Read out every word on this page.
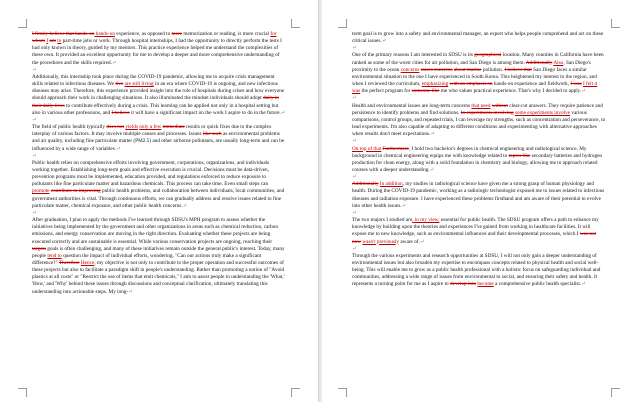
I firmly believe that hands-on hands-on experience, as opposed to mere memorization or reading, is more crucial for whom I am to part-time jobs or work. Through hospital internships, I had the opportunity to directly perform the tests I had only known in theory, guided by my mentors. This practice experience helped me understand the complexities of these own. It provided an excellent opportunity for me to develop a deeper and more comprehensive understanding of the procedures and the skills required.↵

↵

Additionally, this internship took place during the COVID-19 pandemic, allowing me to acquire crisis management skills related to infectious diseases. We live are still living in an era where COVID-19 is ongoing, and new infectious diseases may arise. Therefore, this experience provided insight into the role of hospitals during crises and how everyone should approach their work in challenging situations. It also illuminated the mindset individuals should adopt daily in their daily lives to contribute effectively during a crisis. This learning can be applied not only in a hospital setting but also in various other professions, and I believe it will have a significant impact on the work I aspire to do in the future.↵

↵

The field of public health typically does not yields only a few immediate results or quick fixes due to the complex interplay of various factors. It may involve multiple causes and processes. Issues like such as environmental problems and air quality, including fine particulate matter (PM2.5) and other airborne pollutants, are usually long-term and can be influenced by a wide range of variables.↵

↵

Public health relies on comprehensive efforts involving government, corporations, organizations, and individuals working together. Establishing long-term goals and effective execution is crucial. Decisions must be data-driven, prevention programs must be implemented, education provided, and regulations enforced to reduce exposure to pollutants like fine particulate matter and hazardous chemicals. This process can take time. Even small steps can promote contribute to improving public health problems, and collaboration between individuals, local communities, and government authorities is vital. Through continuous efforts, we can gradually address and resolve issues related to fine particulate matter, chemical exposure, and other public health concerns.↵

↵

After graduation, I plan to apply the methods I've learned through SDSU's MPH program to assess whether the initiatives being implemented by the government and other organizations in areas such as chemical reduction, carbon emissions, and energy conservation are moving in the right direction. Evaluating whether these projects are being executed correctly and are sustainable is essential. While various conservation projects are ongoing, reaching their targets goals is often challenging, and many of these initiatives remain outside the general public's interest. Today, many people tend to question the impact of individual efforts, wondering, "Can our actions truly make a significant difference?" Therefore Hence, my objective is not only to contribute to the proper operation and successful outcomes of these projects but also to facilitate a paradigm shift in people's understanding. Rather than promoting a notion of "Avoid plastics at all costs" or "Restrict the use of items that emit chemicals," I aim to assist people in understanding the 'What,' 'How,' and 'Why' behind these issues through discussions and conceptual clarification, ultimately translating this understanding into actionable steps. My long-↵

term goal is to grow into a safety and environmental manager, an expert who helps people comprehend and act on these critical issues.↵

↵

One of the primary reasons I am interested in SDSU is its geographical location. Many counties in California have been ranked as some of the worst cities for air pollution, and San Diego is among them. Additionally Also, San Diego's proximity to the ocean concerns raises concerns about marine pollution. I believe that San Diego faces a similar environmental situation to the one I have experienced in South Korea. This heightened my interest in the region, and when I reviewed the curriculum, emphasizing with an emphasis on hands-on experience and fieldwork, I was I felt it was the perfect program for someone like me who values practical experience. That's why I decided to apply.↵

↵

Health and environmental issues are long-term concerns that need without clear-cut answers. They require patience and persistence to identify problems and find solutions. In experiments involving some experiments involve various comparisons, control groups, and repeated trials, I can leverage my strengths, such as concentration and perseverance, to lead experiments. I'm also capable of adapting to different conditions and experimenting with alternative approaches when results don't meet expectations.↵

↵

On top of that Furthermore, I hold two bachelor's degrees in chemical engineering and radiological science. My background in chemical engineering equips me with knowledge related to topics like secondary batteries and hydrogen production for clean energy, along with a solid foundation in chemistry and biology, allowing me to approach related courses with a deeper understanding.↵

↵

Additionally In addition, my studies in radiological science have given me a strong grasp of human physiology and health. During the COVID-19 pandemic, working as a radiologic technologist exposed me to issues related to infectious diseases and radiation exposure. I have experienced these problems firsthand and am aware of their potential to evolve into other health issues.↵

↵

The two majors I studied are, in my view, essential for public health. The SDSU program offers a path to enhance my knowledge by building upon the theories and experiences I've gained from working in healthcare facilities. It will expose me to new knowledge, such as environmental influences and their developmental processes, which I was not now wasn't previously aware of.↵

↵

Through the various experiments and research opportunities at SDSU, I will not only gain a deeper understanding of environmental issues but also broaden my expertise to encompass concepts related to physical health and social well-being. This will enable me to grow as a public health professional with a holistic focus on safeguarding individual and communities, addressing a wide range of issues from environmental to social, and ensuring their safety and health. It represents a turning point for me as I aspire to develop into become a comprehensive public health specialist.↵
